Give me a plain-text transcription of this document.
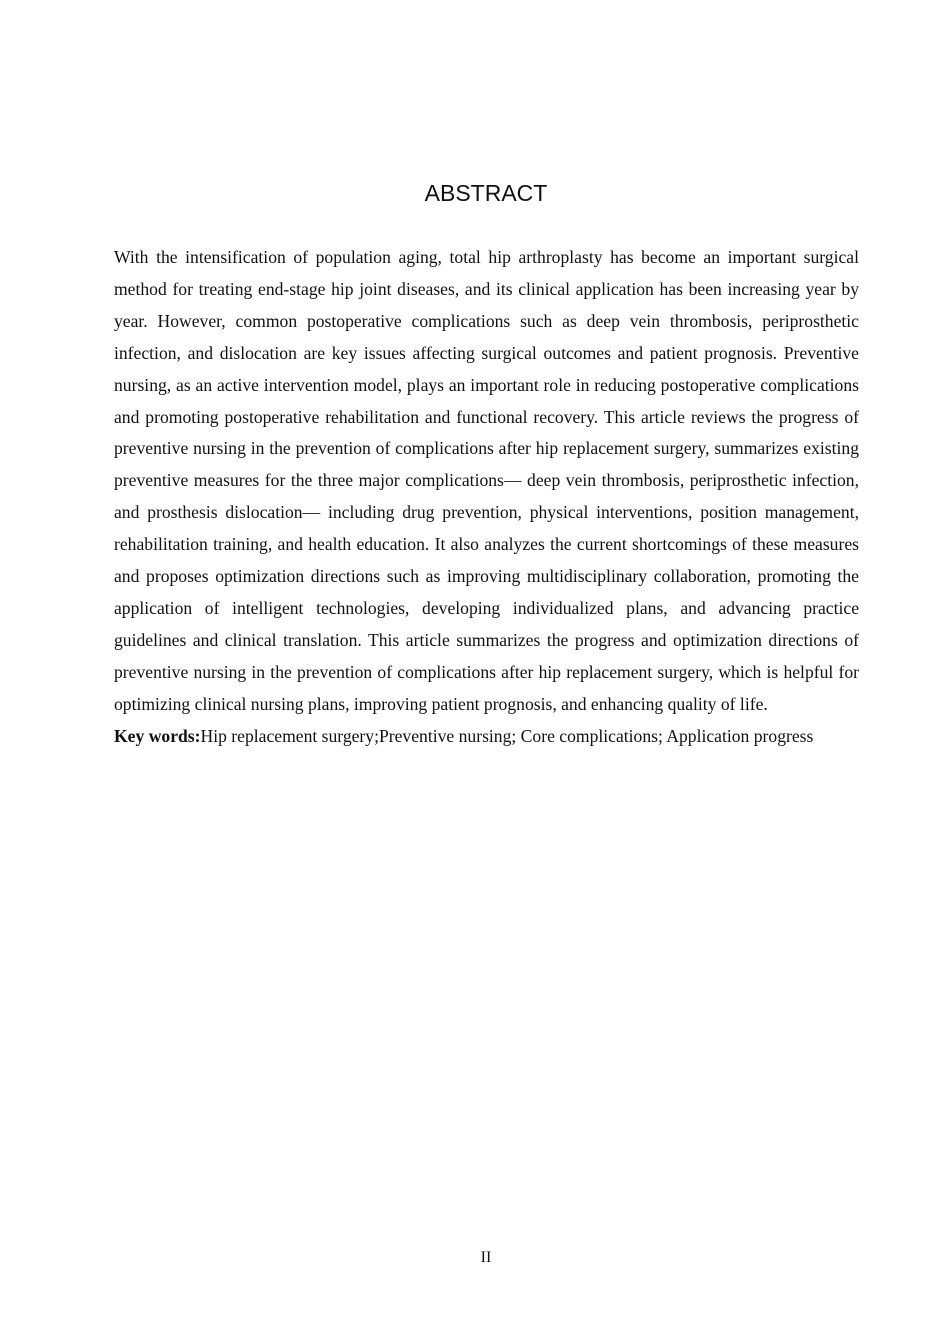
ABSTRACT

With the intensification of population aging, total hip arthroplasty has become an important surgical method for treating end-stage hip joint diseases, and its clinical application has been increasing year by year. However, common postoperative complications such as deep vein thrombosis, periprosthetic infection, and dislocation are key issues affecting surgical outcomes and patient prognosis. Preventive nursing, as an active intervention model, plays an important role in reducing postoperative complications and promoting postoperative rehabilitation and functional recovery. This article reviews the progress of preventive nursing in the prevention of complications after hip replacement surgery, summarizes existing preventive measures for the three major complications— deep vein thrombosis, periprosthetic infection, and prosthesis dislocation— including drug prevention, physical interventions, position management, rehabilitation training, and health education. It also analyzes the current shortcomings of these measures and proposes optimization directions such as improving multidisciplinary collaboration, promoting the application of intelligent technologies, developing individualized plans, and advancing practice guidelines and clinical translation. This article summarizes the progress and optimization directions of preventive nursing in the prevention of complications after hip replacement surgery, which is helpful for optimizing clinical nursing plans, improving patient prognosis, and enhancing quality of life.

Key words:Hip replacement surgery;Preventive nursing; Core complications; Application progress

II
